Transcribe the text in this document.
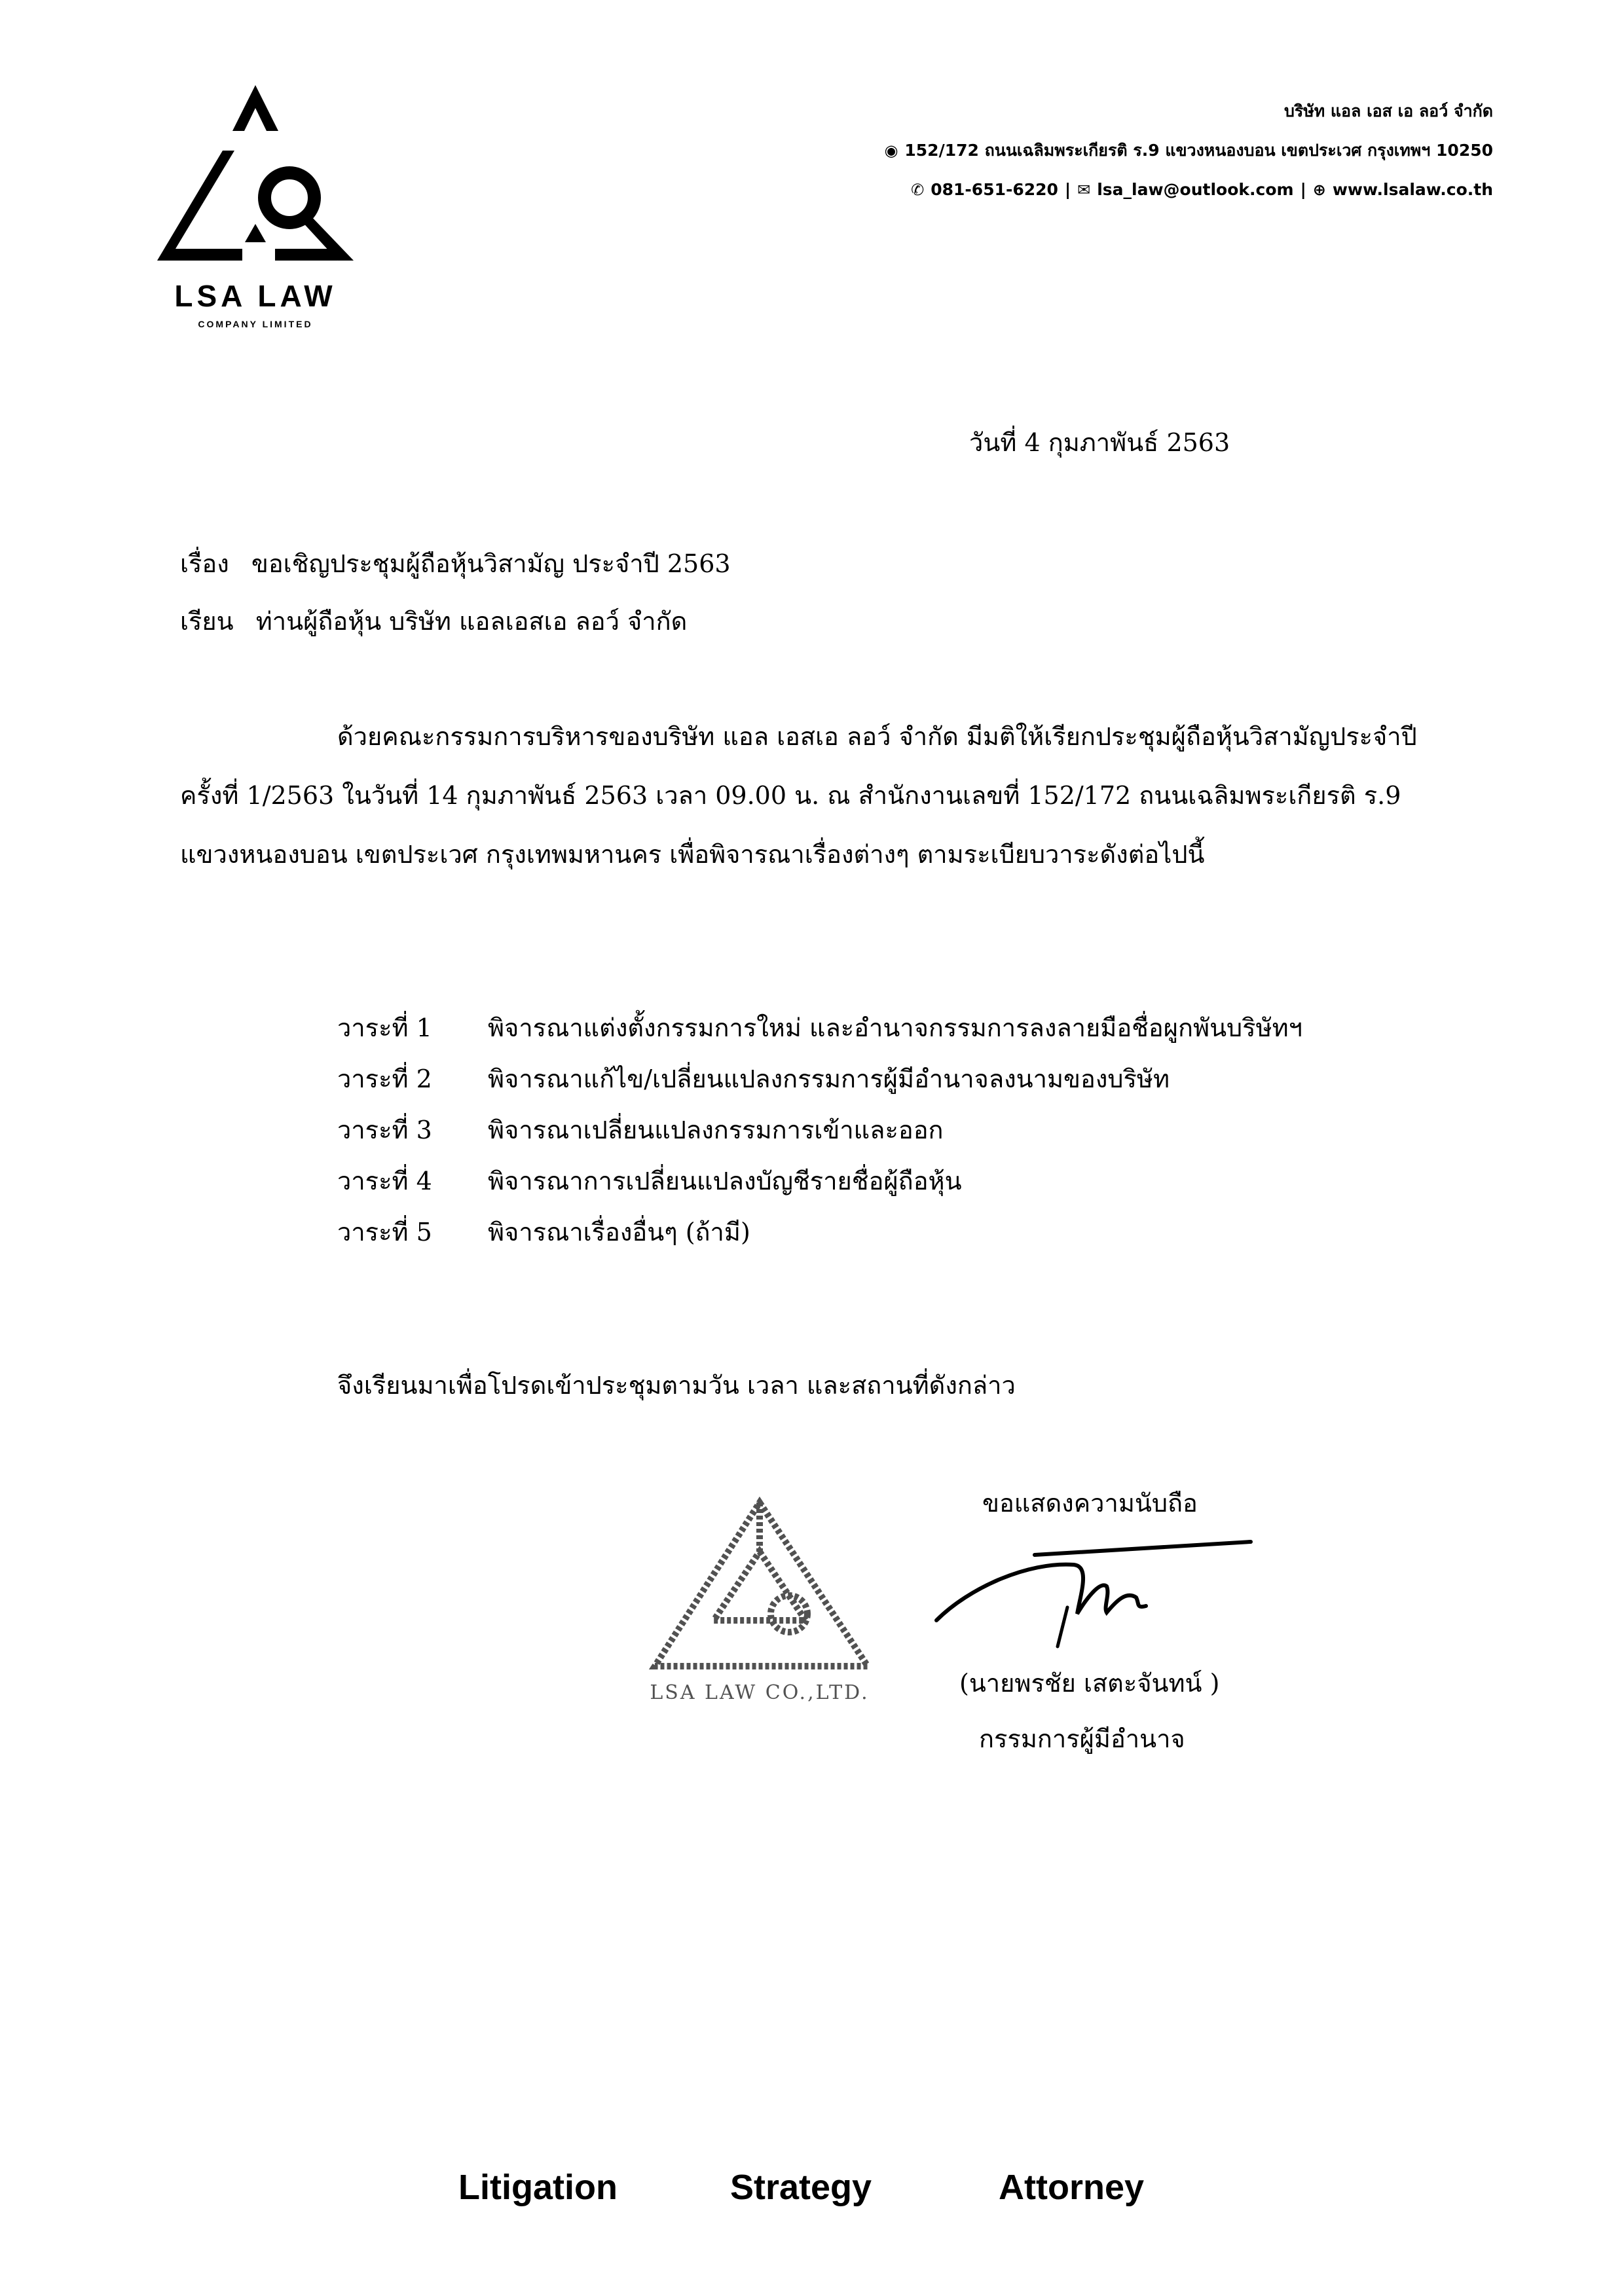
LSA LAW
COMPANY LIMITED
บริษัท แอล เอส เอ ลอว์ จำกัด
◉ 152/172 ถนนเฉลิมพระเกียรติ ร.9 แขวงหนองบอน เขตประเวศ กรุงเทพฯ 10250
✆ 081-651-6220 | ✉ lsa_law@outlook.com | ⊕ www.lsalaw.co.th
วันที่ 4 กุมภาพันธ์ 2563
เรื่อง ขอเชิญประชุมผู้ถือหุ้นวิสามัญ ประจำปี 2563
เรียน ท่านผู้ถือหุ้น บริษัท แอลเอสเอ ลอว์ จำกัด
ด้วยคณะกรรมการบริหารของบริษัท แอล เอสเอ ลอว์ จำกัด มีมติให้เรียกประชุมผู้ถือหุ้นวิสามัญประจำปี ครั้งที่ 1/2563 ในวันที่ 14 กุมภาพันธ์ 2563 เวลา 09.00 น. ณ สำนักงานเลขที่ 152/172 ถนนเฉลิมพระเกียรติ ร.9 แขวงหนองบอน เขตประเวศ กรุงเทพมหานคร เพื่อพิจารณาเรื่องต่างๆ ตามระเบียบวาระดังต่อไปนี้
วาระที่ 1	พิจารณาแต่งตั้งกรรมการใหม่ และอำนาจกรรมการลงลายมือชื่อผูกพันบริษัทฯ
วาระที่ 2	พิจารณาแก้ไข/เปลี่ยนแปลงกรรมการผู้มีอำนาจลงนามของบริษัท
วาระที่ 3	พิจารณาเปลี่ยนแปลงกรรมการเข้าและออก
วาระที่ 4	พิจารณาการเปลี่ยนแปลงบัญชีรายชื่อผู้ถือหุ้น
วาระที่ 5	พิจารณาเรื่องอื่นๆ (ถ้ามี)
จึงเรียนมาเพื่อโปรดเข้าประชุมตามวัน เวลา และสถานที่ดังกล่าว
ขอแสดงความนับถือ
LSA LAW CO.,LTD.	(นายพรชัย เสตะจันทน์ )
กรรมการผู้มีอำนาจ
Litigation	Strategy	Attorney
